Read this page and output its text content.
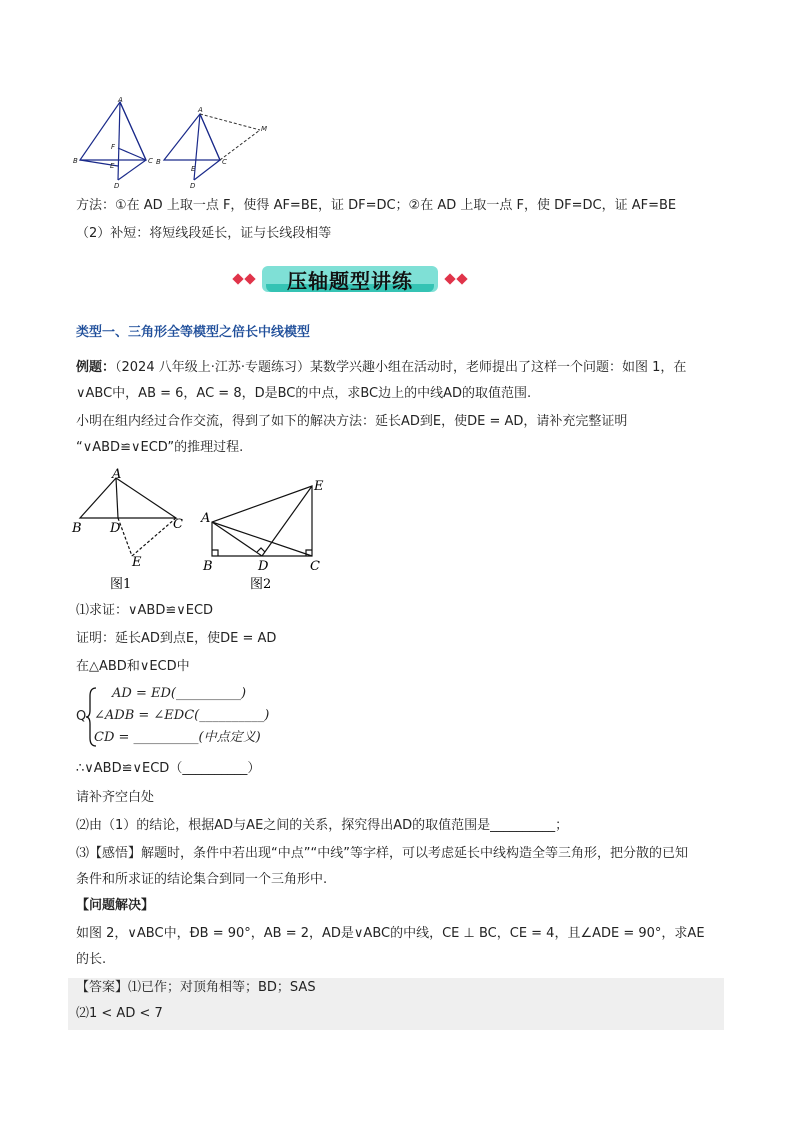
A
B	C
D
E
F
A
B	C
D
E
M
方法：①在 AD 上取一点 F，使得 AF=BE，证 DF=DC；②在 AD 上取一点 F，使 DF=DC，证 AF=BE
（2）补短：将短线段延长，证与长线段相等
压轴题型讲练
类型一、三角形全等模型之倍长中线模型
例题：（2024 八年级上·江苏·专题练习）某数学兴趣小组在活动时，老师提出了这样一个问题：如图 1，在
∨ABC中，AB = 6，AC = 8，D是BC的中点，求BC边上的中线AD的取值范围.
小明在组内经过合作交流，得到了如下的解决方法：延长AD到E，使DE = AD，请补充完整证明
“∨ABD≌∨ECD”的推理过程.
A
B D	C
E
图1
A
E
B	D	C
图2
⑴求证：∨ABD≌∨ECD
证明：延长AD到点E，使DE = AD
在△ABD和∨ECD中
Q
AD = ED(__________)
∠ADB = ∠EDC(__________)
CD = __________(中点定义)
∴∨ABD≌∨ECD（__________）
请补齐空白处
⑵由（1）的结论，根据AD与AE之间的关系，探究得出AD的取值范围是__________；
⑶【感悟】解题时，条件中若出现“中点”“中线”等字样，可以考虑延长中线构造全等三角形，把分散的已知
条件和所求证的结论集合到同一个三角形中.
【问题解决】
如图 2，∨ABC中，ÐB = 90°，AB = 2，AD是∨ABC的中线，CE ⊥ BC，CE = 4，且∠ADE = 90°，求AE
的长.
【答案】⑴已作；对顶角相等；BD；SAS
⑵1 < AD < 7
